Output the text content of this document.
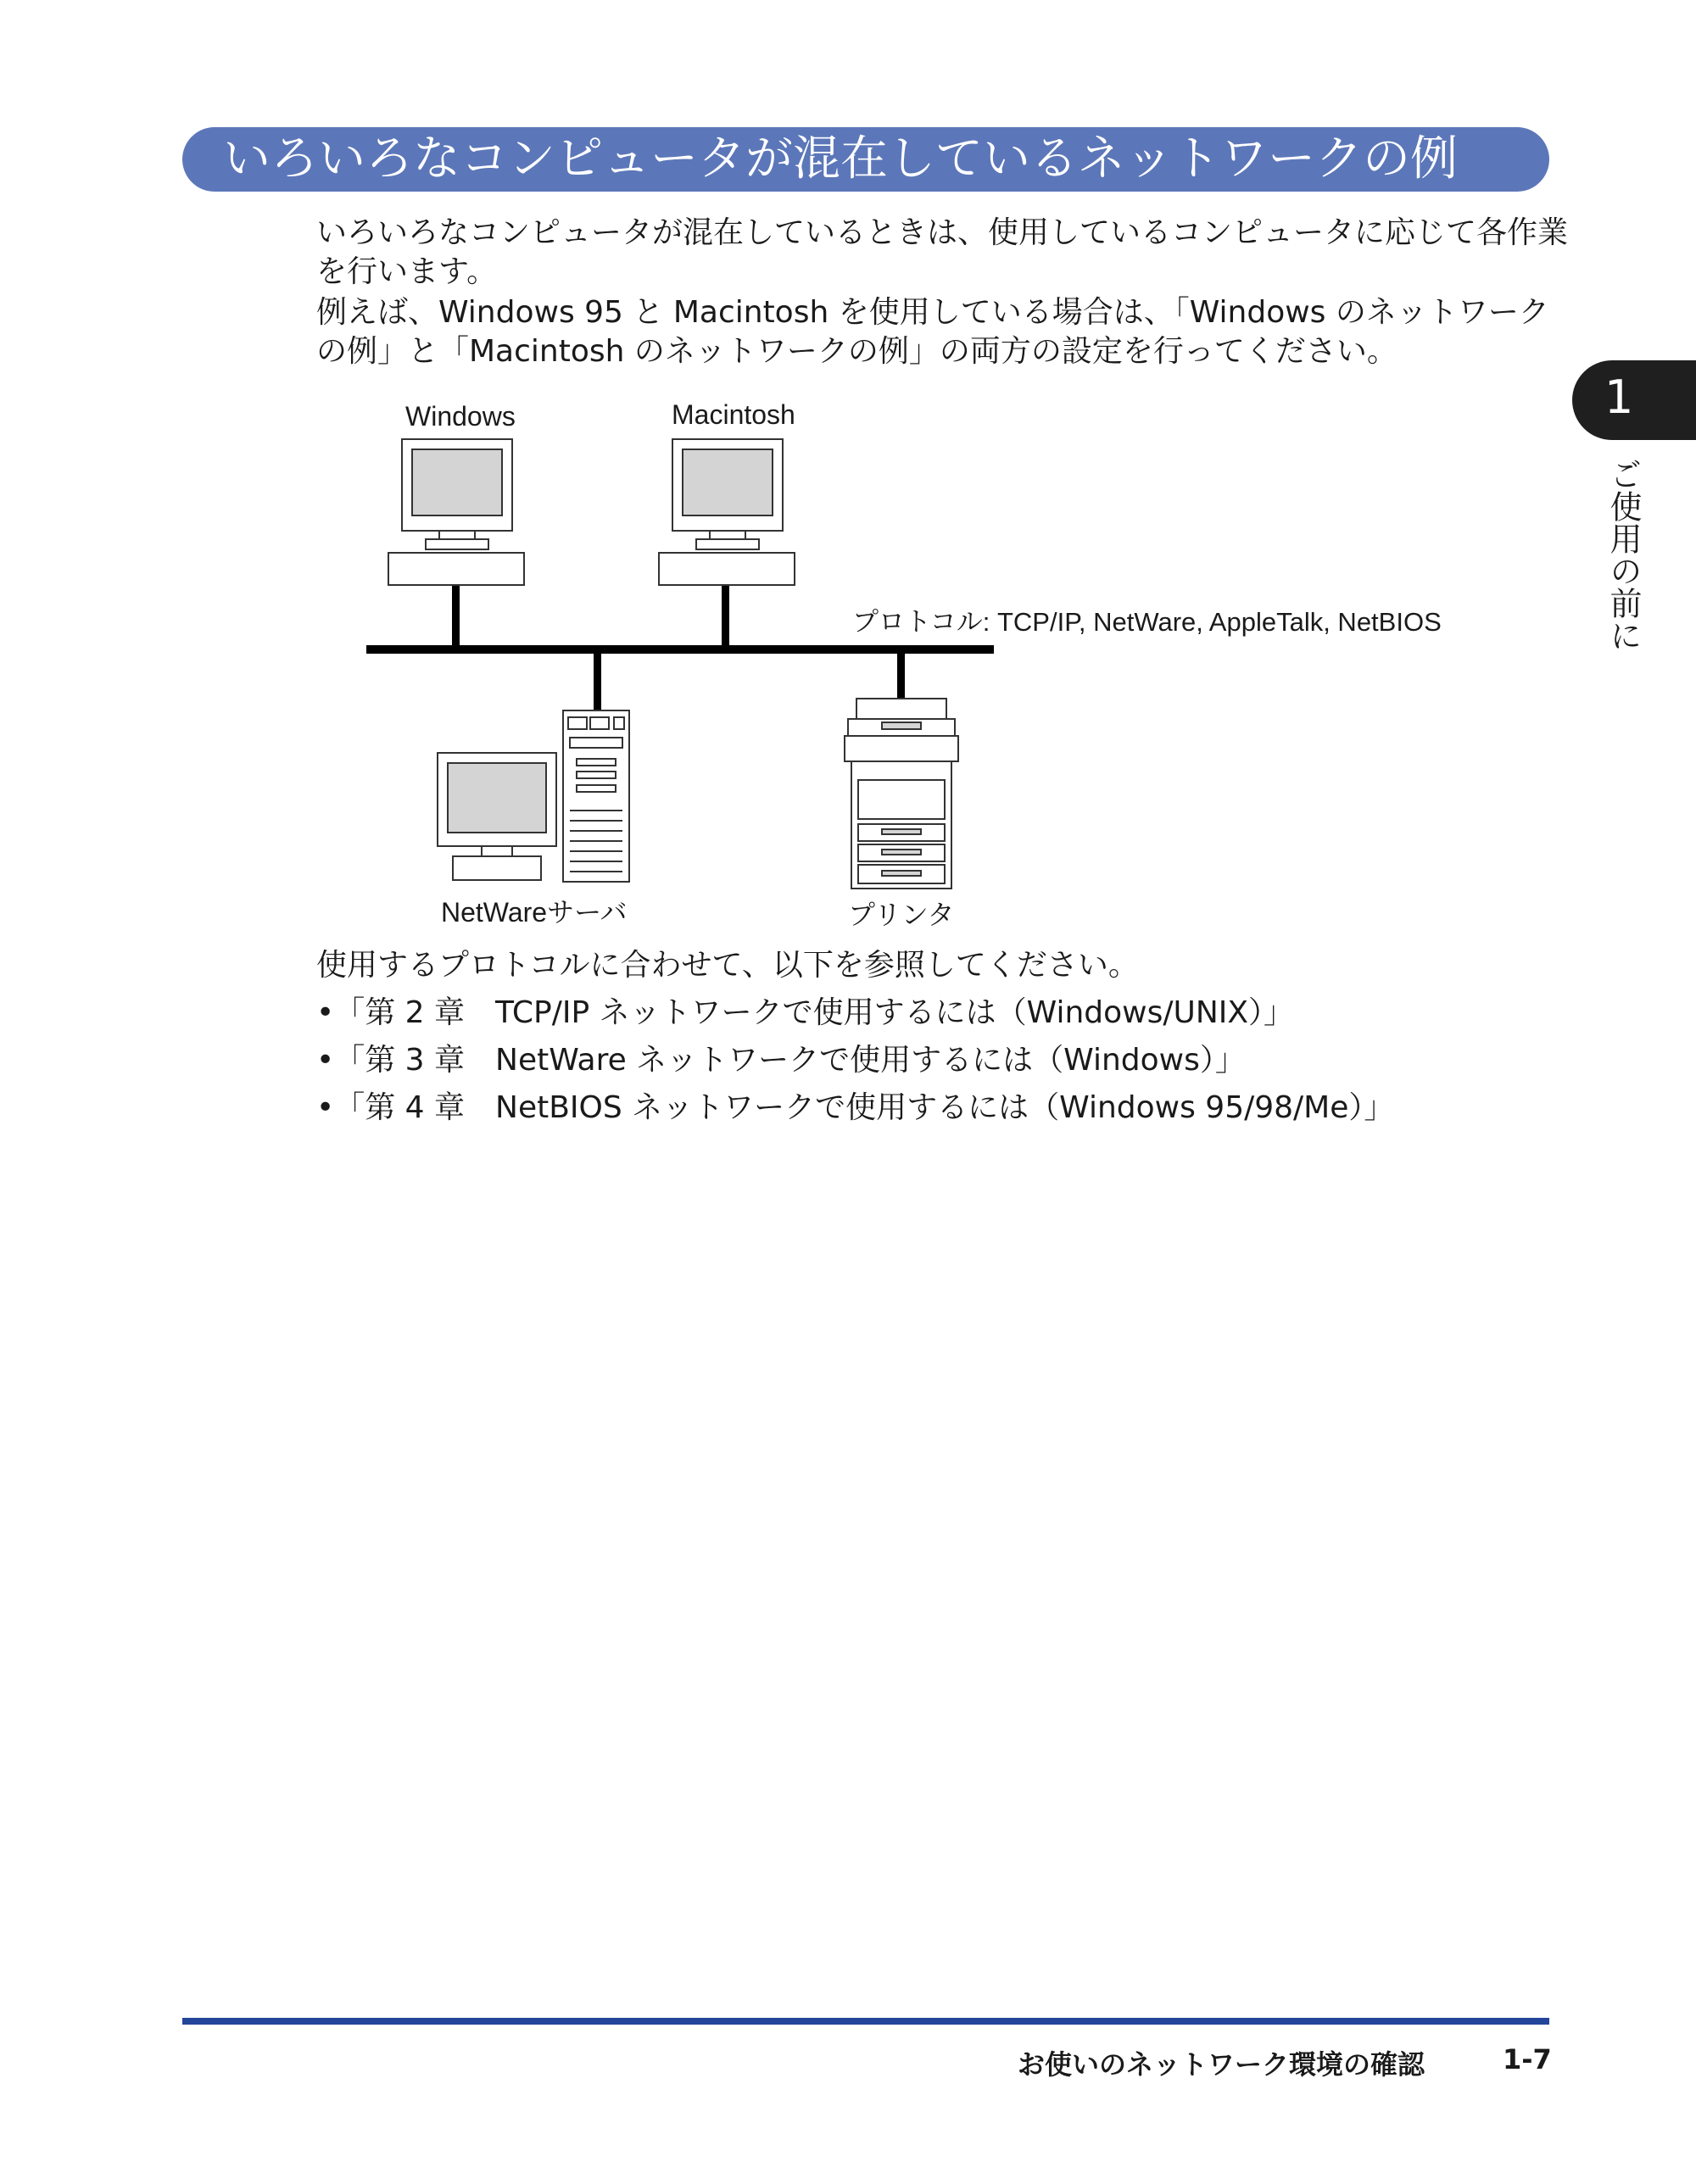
いろいろなコンピュータが混在しているネットワークの例
いろいろなコンピュータが混在しているときは、使用しているコンピュータに応じて各作業
を行います。
例えば、Windows 95 と Macintosh を使用している場合は、「Windows のネットワーク
の例」と「Macintosh のネットワークの例」の両方の設定を行ってください。
Windows	Macintosh
プロトコル: TCP/IP, NetWare, AppleTalk, NetBIOS
NetWareサーバ	プリンタ
使用するプロトコルに合わせて、以下を参照してください。
•「第 2 章　TCP/IP ネットワークで使用するには（Windows/UNIX）」
•「第 3 章　NetWare ネットワークで使用するには（Windows）」
•「第 4 章　NetBIOS ネットワークで使用するには（Windows 95/98/Me）」
1
ご使用の前に
お使いのネットワーク環境の確認	1-7
